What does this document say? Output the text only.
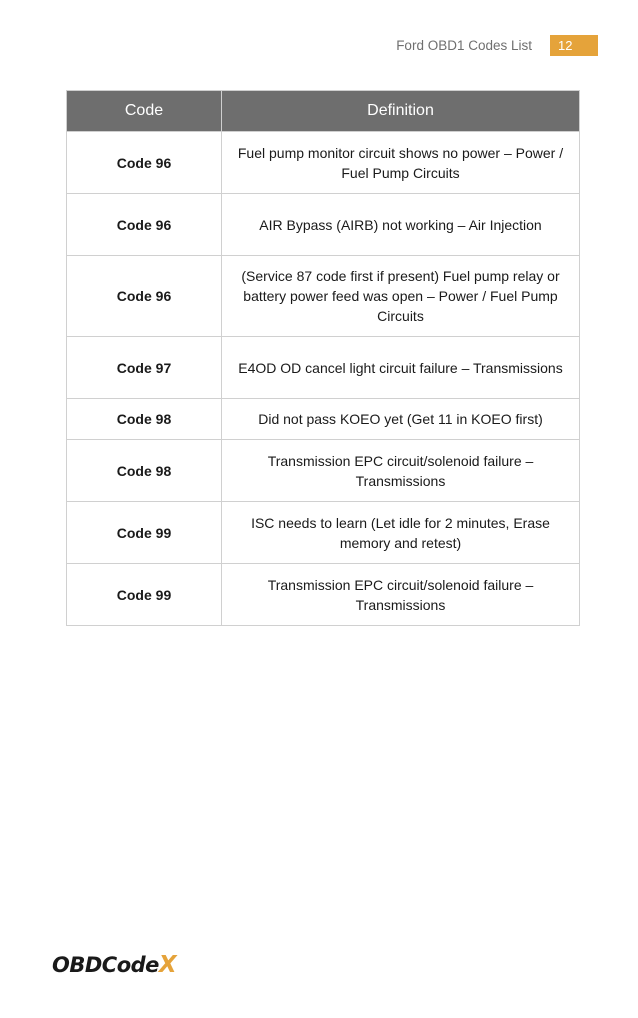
Ford OBD1 Codes List	12
Code	Definition
Code 96	Fuel pump monitor circuit shows no power – Power / Fuel Pump Circuits
Code 96	AIR Bypass (AIRB) not working – Air Injection
Code 96	(Service 87 code first if present) Fuel pump relay or battery power feed was open – Power / Fuel Pump Circuits
Code 97	E4OD OD cancel light circuit failure – Transmissions
Code 98	Did not pass KOEO yet (Get 11 in KOEO first)
Code 98	Transmission EPC circuit/solenoid failure – Transmissions
Code 99	ISC needs to learn (Let idle for 2 minutes, Erase memory and retest)
Code 99	Transmission EPC circuit/solenoid failure – Transmissions
OBDCodeX
